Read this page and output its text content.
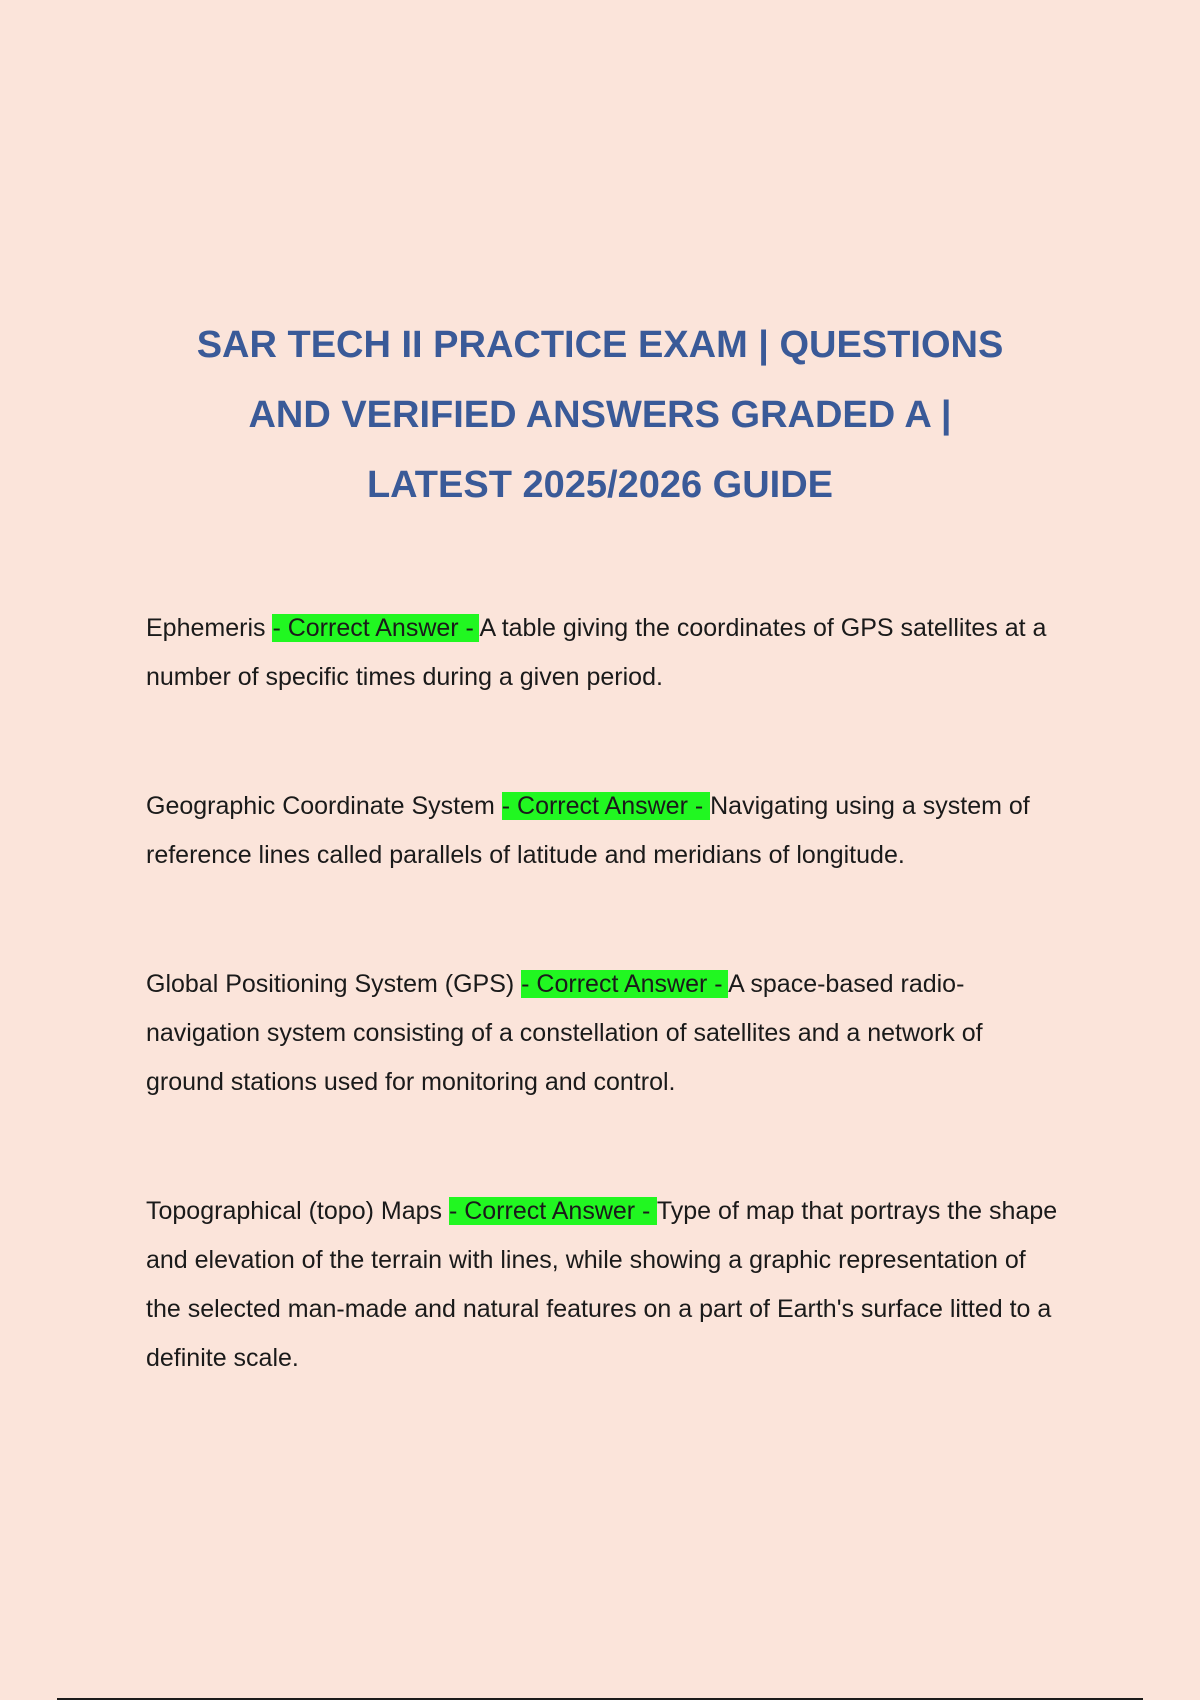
SAR TECH II PRACTICE EXAM | QUESTIONS
AND VERIFIED ANSWERS GRADED A |
LATEST 2025/2026 GUIDE

Ephemeris - Correct Answer - A table giving the coordinates of GPS satellites at a number of specific times during a given period.

Geographic Coordinate System - Correct Answer - Navigating using a system of reference lines called parallels of latitude and meridians of longitude.

Global Positioning System (GPS) - Correct Answer - A space-based radio-navigation system consisting of a constellation of satellites and a network of ground stations used for monitoring and control.

Topographical (topo) Maps - Correct Answer - Type of map that portrays the shape and elevation of the terrain with lines, while showing a graphic representation of the selected man-made and natural features on a part of Earth's surface litted to a definite scale.
